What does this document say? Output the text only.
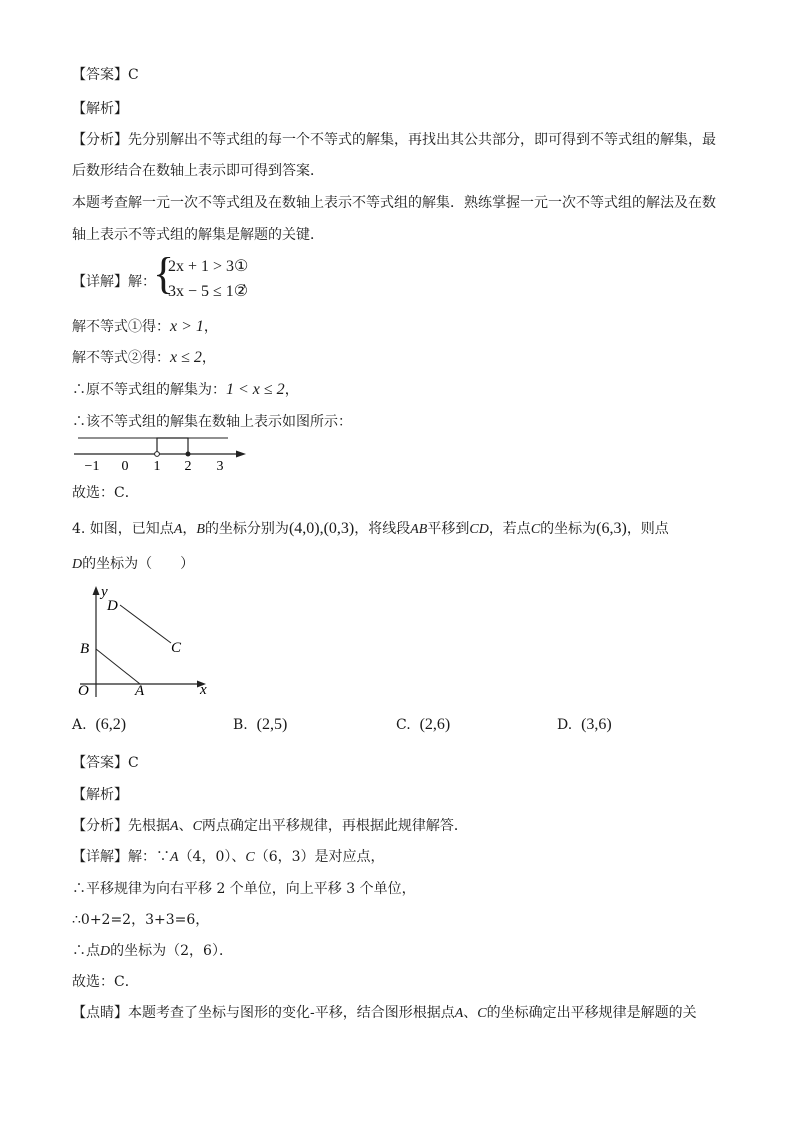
【答案】C
【解析】
【分析】先分别解出不等式组的每一个不等式的解集，再找出其公共部分，即可得到不等式组的解集，最
后数形结合在数轴上表示即可得到答案．
本题考查解一元一次不等式组及在数轴上表示不等式组的解集．熟练掌握一元一次不等式组的解法及在数
轴上表示不等式组的解集是解题的关键．
【详解】解：
{
2x + 1 > 3①
3x − 5 ≤ 1②
，
解不等式①得：x > 1，
解不等式②得：x ≤ 2，
∴原不等式组的解集为：1 < x ≤ 2，
∴该不等式组的解集在数轴上表示如图所示：
−1 0 1 2 3
故选：C．
4. 如图，已知点A，B的坐标分别为(4,0),(0,3)，将线段AB平移到CD，若点C的坐标为(6,3)，则点
D的坐标为（　　）
y
x
O	A
B	C
D
A. (6,2)	B. (2,5)	C. (2,6)	D. (3,6)
【答案】C
【解析】
【分析】先根据A、C两点确定出平移规律，再根据此规律解答．
【详解】解：∵A（4，0）、C（6，3）是对应点，
∴平移规律为向右平移 2 个单位，向上平移 3 个单位，
∴0+2=2，3+3=6，
∴点D的坐标为（2，6）．
故选：C．
【点睛】本题考查了坐标与图形的变化-平移，结合图形根据点A、C的坐标确定出平移规律是解题的关
